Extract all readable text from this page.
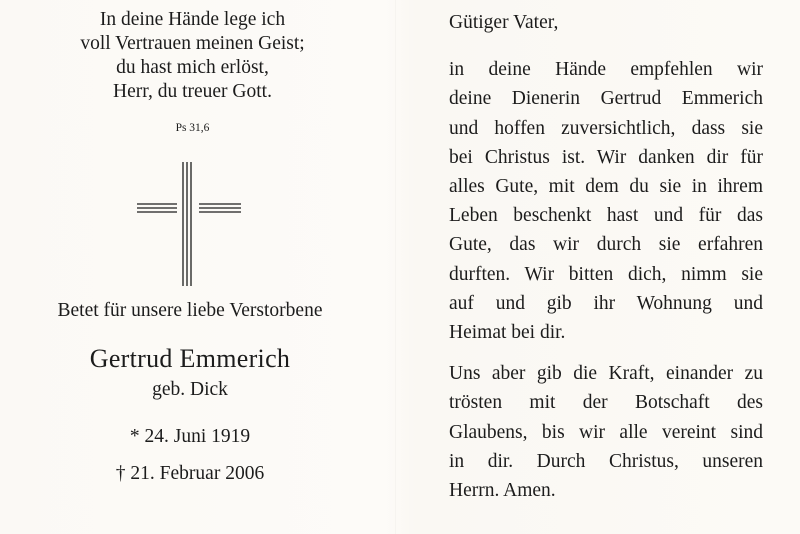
In deine Hände lege ich
voll Vertrauen meinen Geist;
du hast mich erlöst,
Herr, du treuer Gott.
Ps 31,6
Betet für unsere liebe Verstorbene
Gertrud Emmerich
geb. Dick
* 24. Juni 1919
† 21. Februar 2006
Gütiger Vater,
in deine Hände empfehlen wir
deine Dienerin Gertrud Emmerich
und hoffen zuversichtlich, dass sie
bei Christus ist. Wir danken dir für
alles Gute, mit dem du sie in ihrem
Leben beschenkt hast und für das
Gute, das wir durch sie erfahren
durften. Wir bitten dich, nimm sie
auf und gib ihr Wohnung und
Heimat bei dir.
Uns aber gib die Kraft, einander zu
trösten mit der Botschaft des
Glaubens, bis wir alle vereint sind
in dir. Durch Christus, unseren
Herrn. Amen.
